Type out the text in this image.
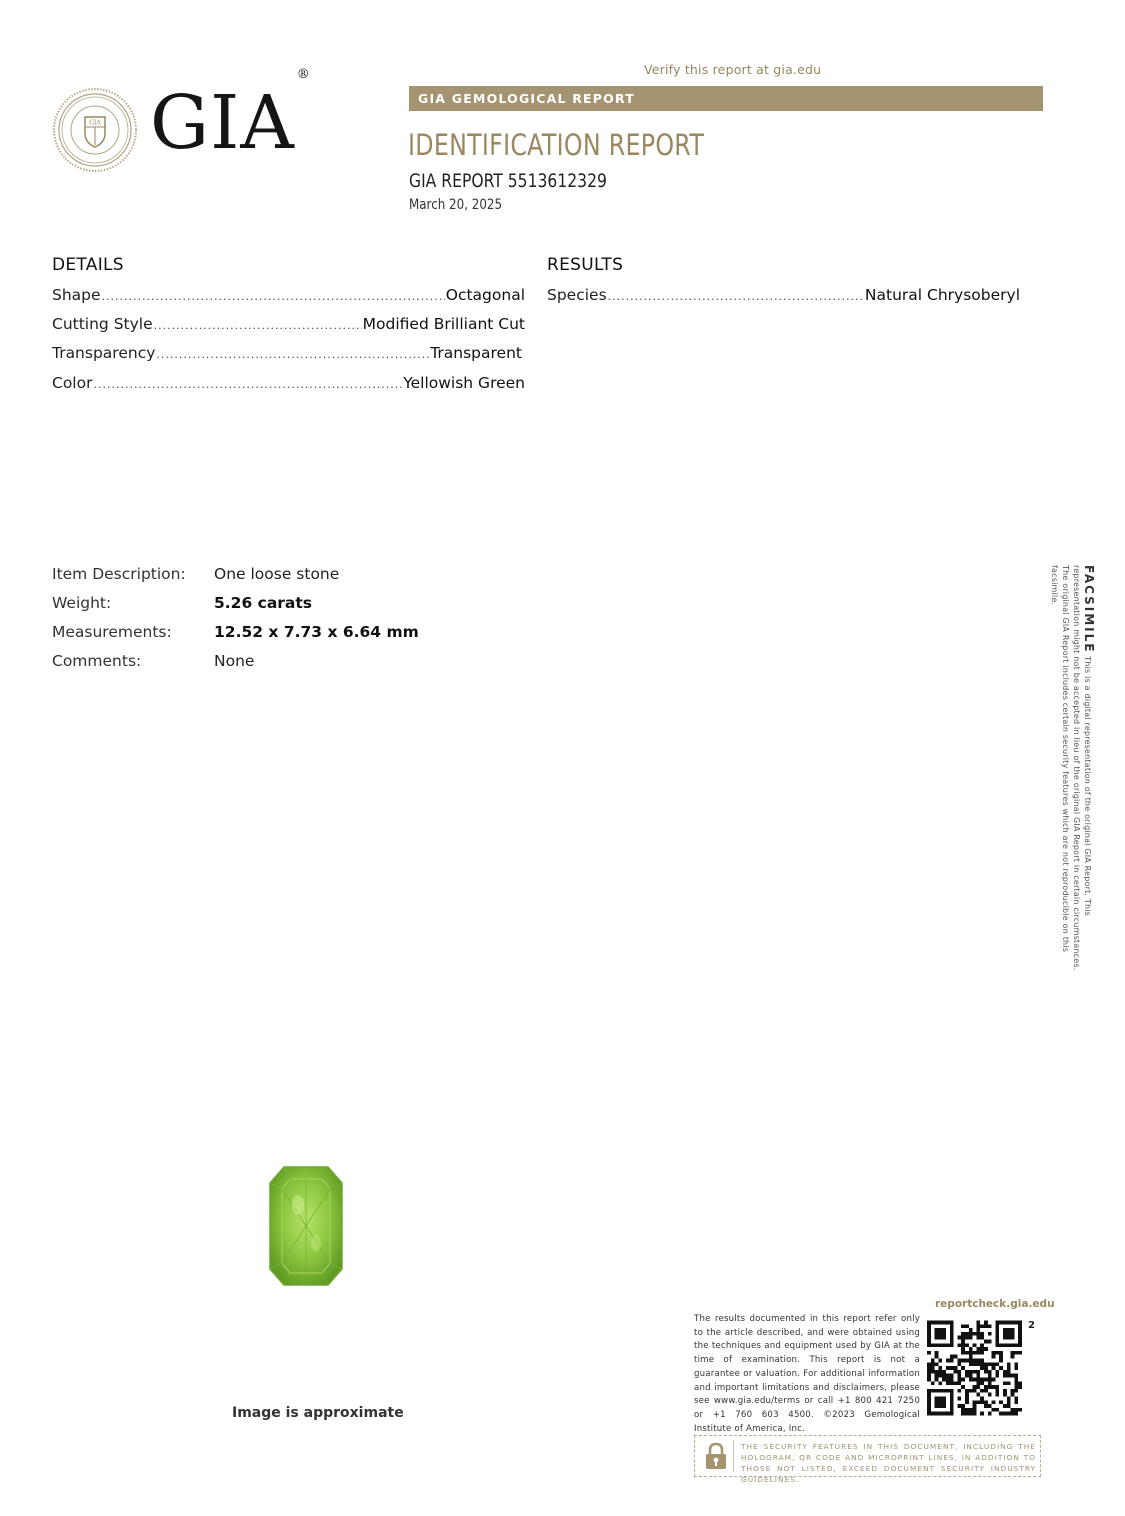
GIA GIA®	Verify this report at gia.edu
GIA GEMOLOGICAL REPORT
IDENTIFICATION REPORT
GIA REPORT 5513612329
March 20, 2025
DETAILS
Shape .....	Octagonal
Cutting Style .....	Modified Brilliant Cut
Transparency .....	Transparent
Color .....	Yellowish Green
RESULTS
Species .....	Natural Chrysoberyl
Item Description: One loose stone
Weight:	5.26 carats
Measurements:	12.52 x 7.73 x 6.64 mm
Comments:	None
FACSIMILE This is a digital representation of the original GIA Report. This representation might not be accepted in lieu of the original GIA Report in certain circumstances. The original GIA Report includes certain security features which are not reproducible on this facsimile.
Image is approximate
reportcheck.gia.edu
The results documented in this report refer only to the article described, and were obtained using the techniques and equipment used by GIA at the time of examination. This report is not a guarantee or valuation. For additional information and important limitations and disclaimers, please see www.gia.edu/terms or call +1 800 421 7250 or +1 760 603 4500. ©2023 Gemological Institute of America, Inc.
2
THE SECURITY FEATURES IN THIS DOCUMENT, INCLUDING THE HOLOGRAM, QR CODE AND MICROPRINT LINES, IN ADDITION TO THOSE NOT LISTED, EXCEED DOCUMENT SECURITY INDUSTRY GUIDELINES.
